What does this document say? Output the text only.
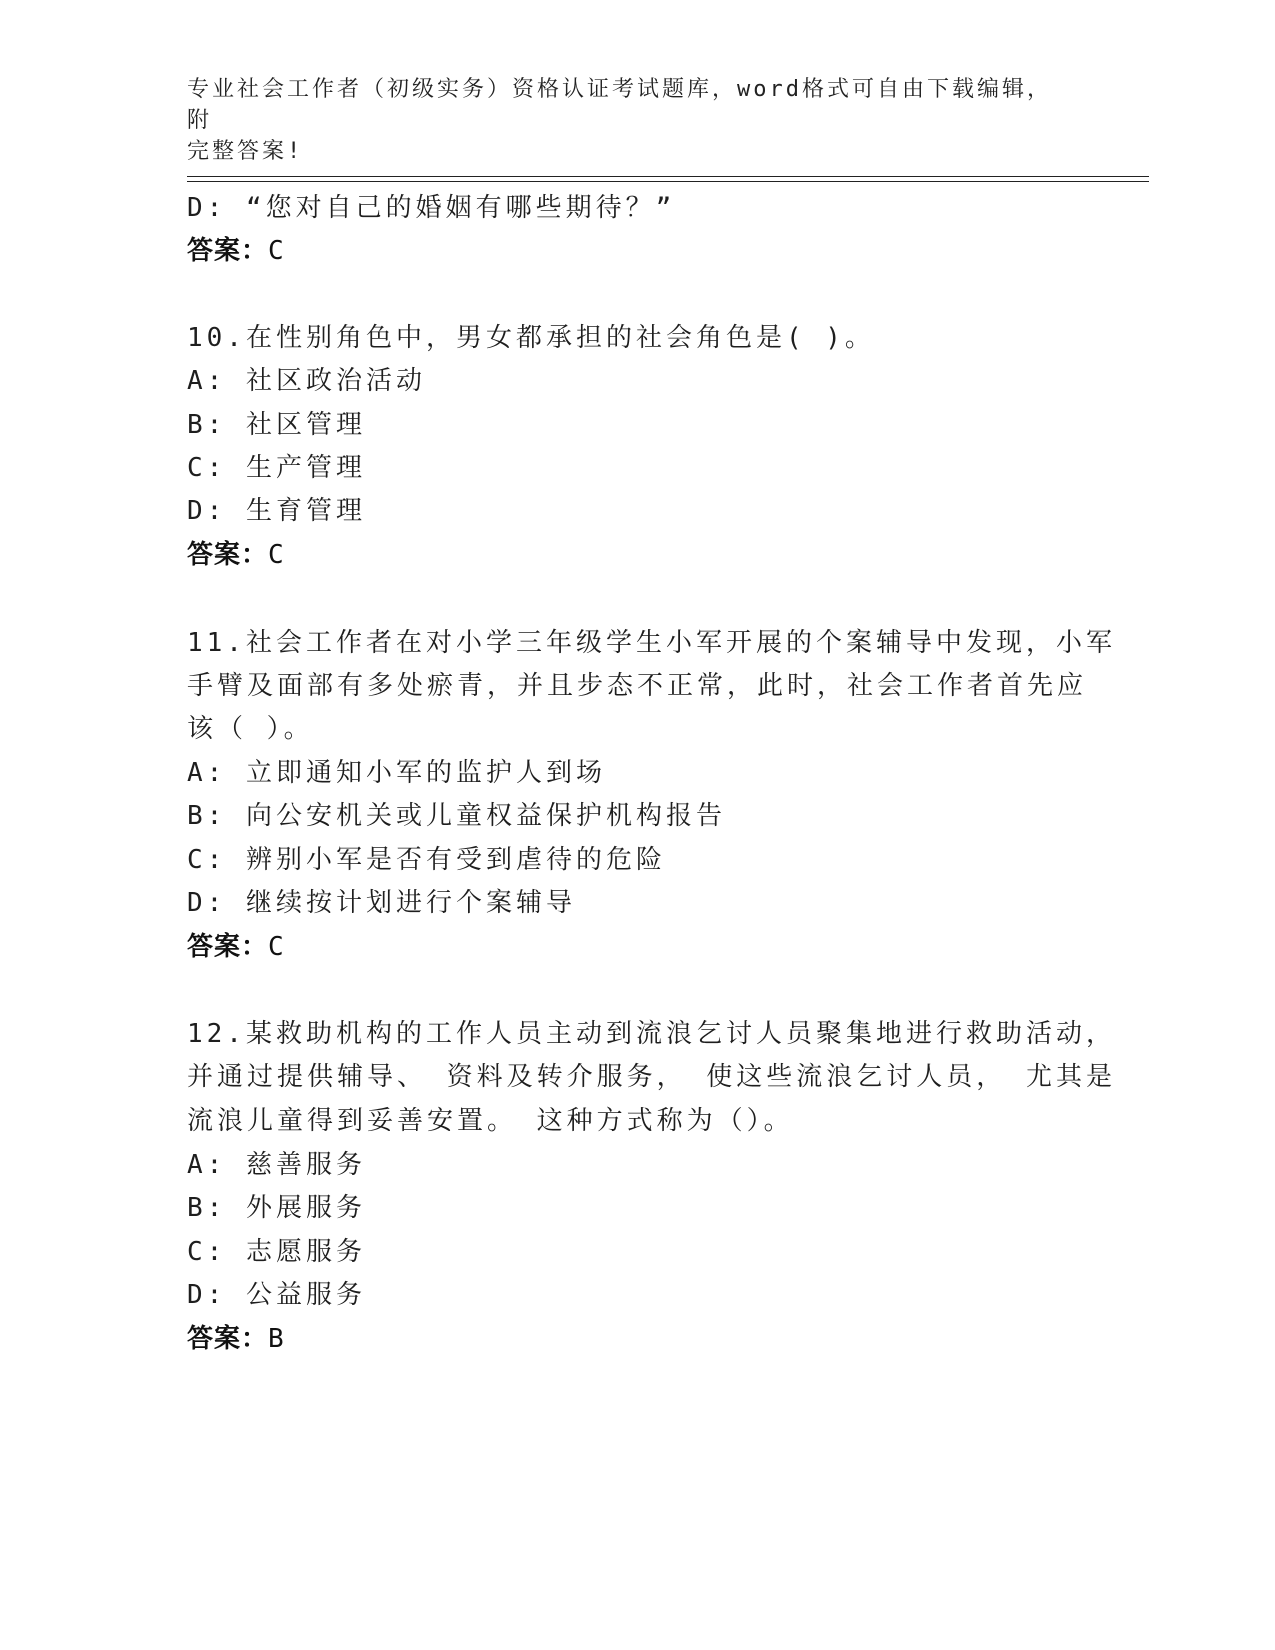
专业社会工作者（初级实务）资格认证考试题库，word格式可自由下载编辑，附
完整答案!
D: “您对自己的婚姻有哪些期待？”
答案：C
10.在性别角色中，男女都承担的社会角色是( )。
A: 社区政治活动
B: 社区管理
C: 生产管理
D: 生育管理
答案：C
11.社会工作者在对小学三年级学生小军开展的个案辅导中发现，小军
手臂及面部有多处瘀青，并且步态不正常，此时，社会工作者首先应
该（ ）。
A: 立即通知小军的监护人到场
B: 向公安机关或儿童权益保护机构报告
C: 辨别小军是否有受到虐待的危险
D: 继续按计划进行个案辅导
答案：C
12.某救助机构的工作人员主动到流浪乞讨人员聚集地进行救助活动，
并通过提供辅导、 资料及转介服务， 使这些流浪乞讨人员， 尤其是
流浪儿童得到妥善安置。 这种方式称为（）。
A: 慈善服务
B: 外展服务
C: 志愿服务
D: 公益服务
答案：B
